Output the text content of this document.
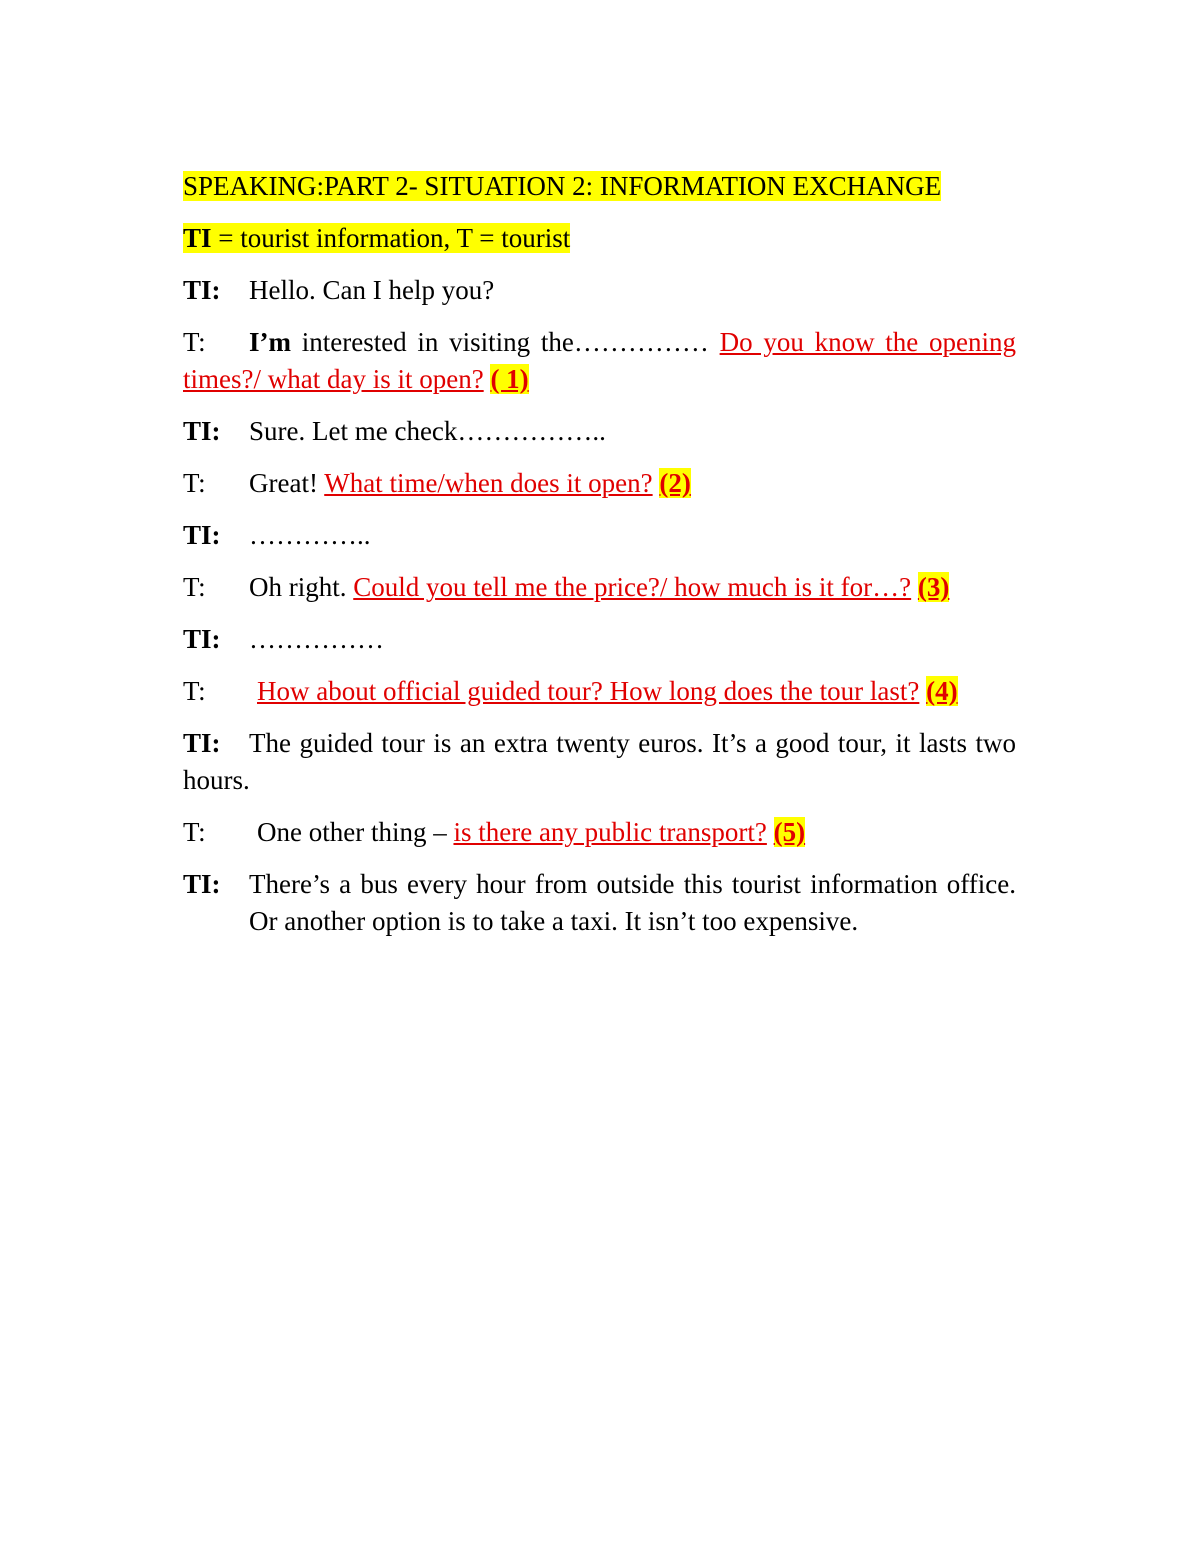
SPEAKING:PART 2- SITUATION 2: INFORMATION EXCHANGE
TI = tourist information, T = tourist
TI: Hello. Can I help you?
T: I’m interested in visiting the…………… Do you know the opening times?/ what day is it open? ( 1)
TI: Sure. Let me check……………..
T: Great! What time/when does it open? (2)
TI: …………..
T: Oh right. Could you tell me the price?/ how much is it for…? (3)
TI: ……………
T: How about official guided tour? How long does the tour last? (4)
TI: The guided tour is an extra twenty euros. It’s a good tour, it lasts two hours.
T: One other thing – is there any public transport? (5)
TI:	There’s a bus every hour from outside this tourist information office. Or another option is to take a taxi. It isn’t too expensive.
